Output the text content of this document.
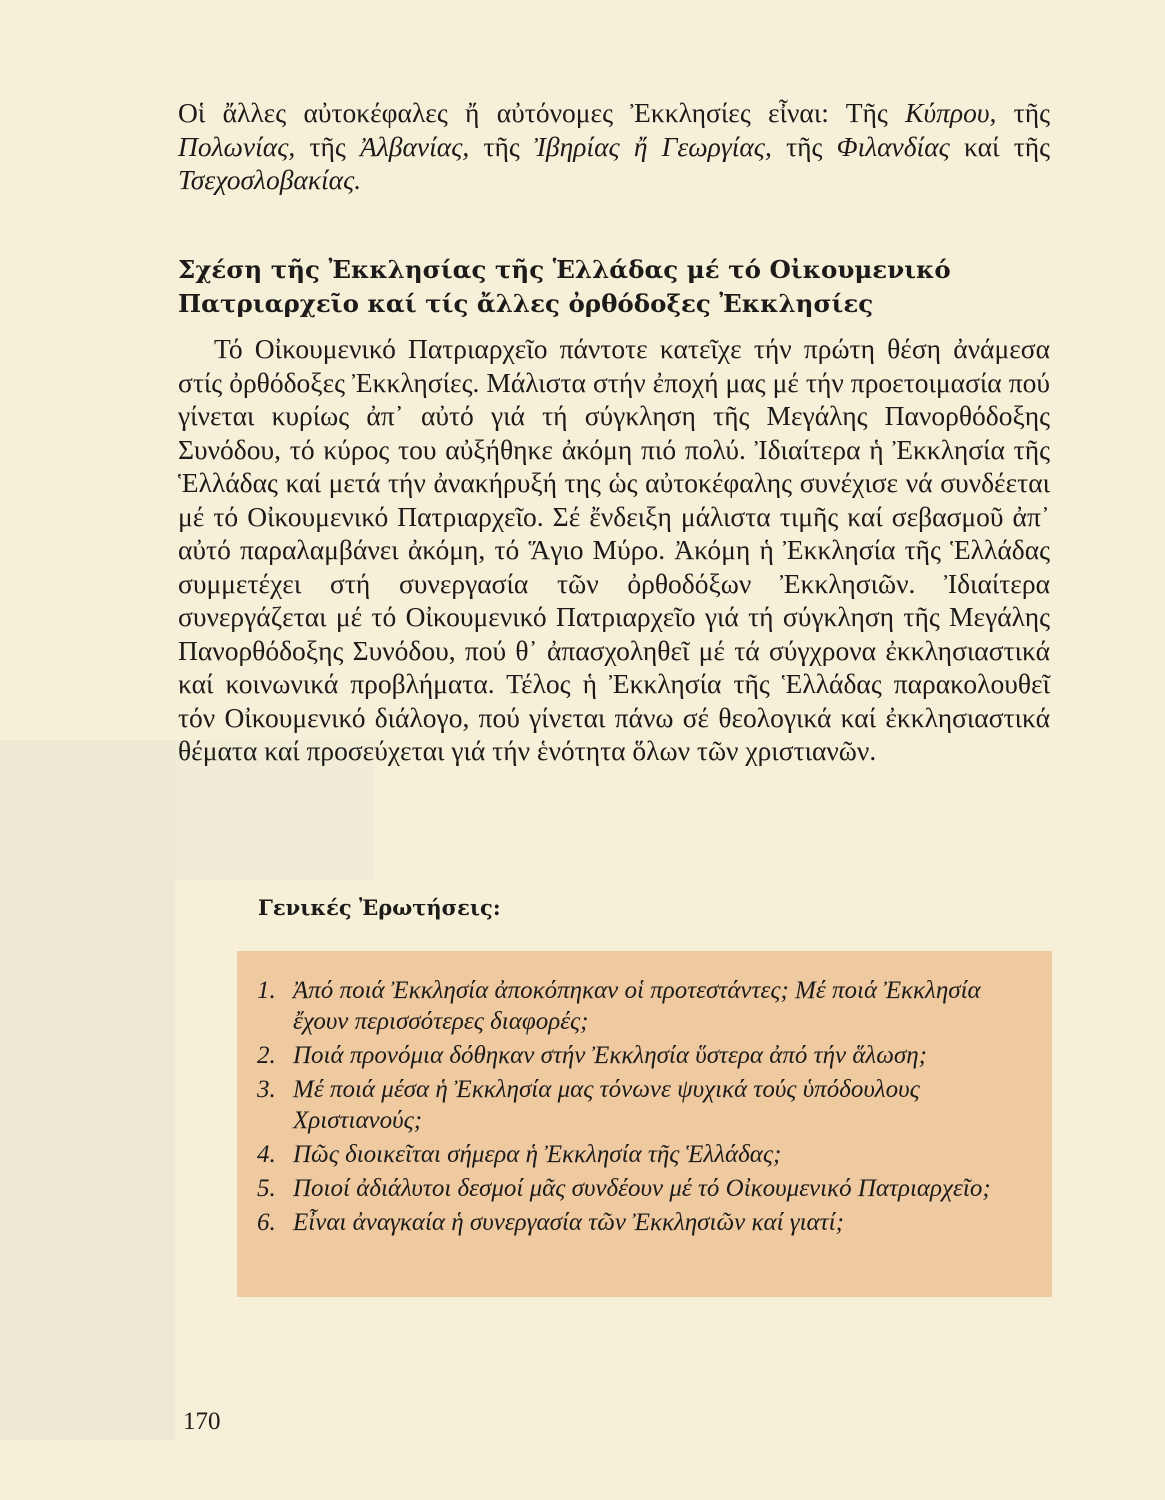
Οἱ ἄλλες αὐτοκέφαλες ἤ αὐτόνομες Ἐκκλησίες εἶναι: Τῆς Κύπρου, τῆς Πολωνίας, τῆς Ἀλβανίας, τῆς Ἰβηρίας ἤ Γεωργίας, τῆς Φιλανδίας καί τῆς Τσεχοσλοβακίας.

Σχέση τῆς Ἐκκλησίας τῆς Ἑλλάδας μέ τό Οἰκουμενικό Πατριαρχεῖο καί τίς ἄλλες ὀρθόδοξες Ἐκκλησίες

Τό Οἰκουμενικό Πατριαρχεῖο πάντοτε κατεῖχε τήν πρώτη θέση ἀνάμεσα στίς ὀρθόδοξες Ἐκκλησίες. Μάλιστα στήν ἐποχή μας μέ τήν προετοιμασία πού γίνεται κυρίως ἀπ᾽ αὐτό γιά τή σύγκληση τῆς Μεγάλης Πανορθόδοξης Συνόδου, τό κύρος του αὐξήθηκε ἀκόμη πιό πολύ. Ἰδιαίτερα ἡ Ἐκκλησία τῆς Ἑλλάδας καί μετά τήν ἀνακήρυξή της ὡς αὐτοκέφαλης συνέχισε νά συνδέεται μέ τό Οἰκουμενικό Πατριαρχεῖο. Σέ ἔνδειξη μάλιστα τιμῆς καί σεβασμοῦ ἀπ᾽ αὐτό παραλαμβάνει ἀκόμη, τό Ἅγιο Μύρο. Ἀκόμη ἡ Ἐκκλησία τῆς Ἑλλάδας συμμετέχει στή συνεργασία τῶν ὀρθοδόξων Ἐκκλησιῶν. Ἰδιαίτερα συνεργάζεται μέ τό Οἰκουμενικό Πατριαρχεῖο γιά τή σύγκληση τῆς Μεγάλης Πανορθόδοξης Συνόδου, πού θ᾽ ἀπασχοληθεῖ μέ τά σύγχρονα ἐκκλησιαστικά καί κοινωνικά προβλήματα. Τέλος ἡ Ἐκκλησία τῆς Ἑλλάδας παρακολουθεῖ τόν Οἰκουμενικό διάλογο, πού γίνεται πάνω σέ θεολογικά καί ἐκκλησιαστικά θέματα καί προσεύχεται γιά τήν ἑνότητα ὅλων τῶν χριστιανῶν.

Γενικές Ἐρωτήσεις:
1. Ἀπό ποιά Ἐκκλησία ἀποκόπηκαν οἱ προτεστάντες; Μέ ποιά Ἐκκλησία ἔχουν περισσότερες διαφορές;
2. Ποιά προνόμια δόθηκαν στήν Ἐκκλησία ὕστερα ἀπό τήν ἅλωση;
3. Μέ ποιά μέσα ἡ Ἐκκλησία μας τόνωνε ψυχικά τούς ὑπόδουλους Χριστιανούς;
4. Πῶς διοικεῖται σήμερα ἡ Ἐκκλησία τῆς Ἑλλάδας;
5. Ποιοί ἀδιάλυτοι δεσμοί μᾶς συνδέουν μέ τό Οἰκουμενικό Πατριαρχεῖο;
6. Εἶναι ἀναγκαία ἡ συνεργασία τῶν Ἐκκλησιῶν καί γιατί;

170
